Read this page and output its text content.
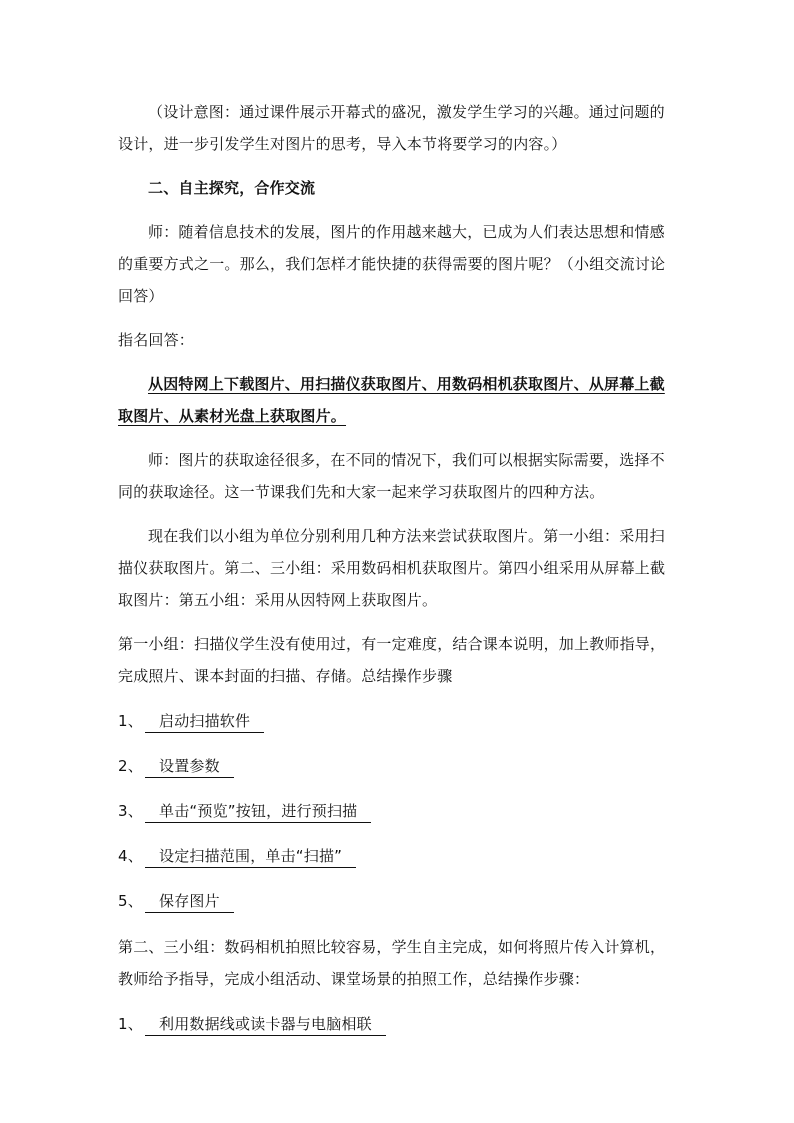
（设计意图：通过课件展示开幕式的盛况，激发学生学习的兴趣。通过问题的设计，进一步引发学生对图片的思考，导入本节将要学习的内容。）

二、自主探究，合作交流

师：随着信息技术的发展，图片的作用越来越大，已成为人们表达思想和情感的重要方式之一。那么，我们怎样才能快捷的获得需要的图片呢？（小组交流讨论回答）

指名回答：

从因特网上下载图片、用扫描仪获取图片、用数码相机获取图片、从屏幕上截取图片、从素材光盘上获取图片。

师：图片的获取途径很多，在不同的情况下，我们可以根据实际需要，选择不同的获取途径。这一节课我们先和大家一起来学习获取图片的四种方法。

现在我们以小组为单位分别利用几种方法来尝试获取图片。第一小组：采用扫描仪获取图片。第二、三小组：采用数码相机获取图片。第四小组采用从屏幕上截取图片：第五小组：采用从因特网上获取图片。

第一小组：扫描仪学生没有使用过，有一定难度，结合课本说明，加上教师指导，完成照片、课本封面的扫描、存储。总结操作步骤

1、 启动扫描软件

2、 设置参数

3、 单击“预览”按钮，进行预扫描

4、 设定扫描范围，单击“扫描”

5、 保存图片

第二、三小组：数码相机拍照比较容易，学生自主完成，如何将照片传入计算机，教师给予指导，完成小组活动、课堂场景的拍照工作，总结操作步骤：

1、 利用数据线或读卡器与电脑相联
